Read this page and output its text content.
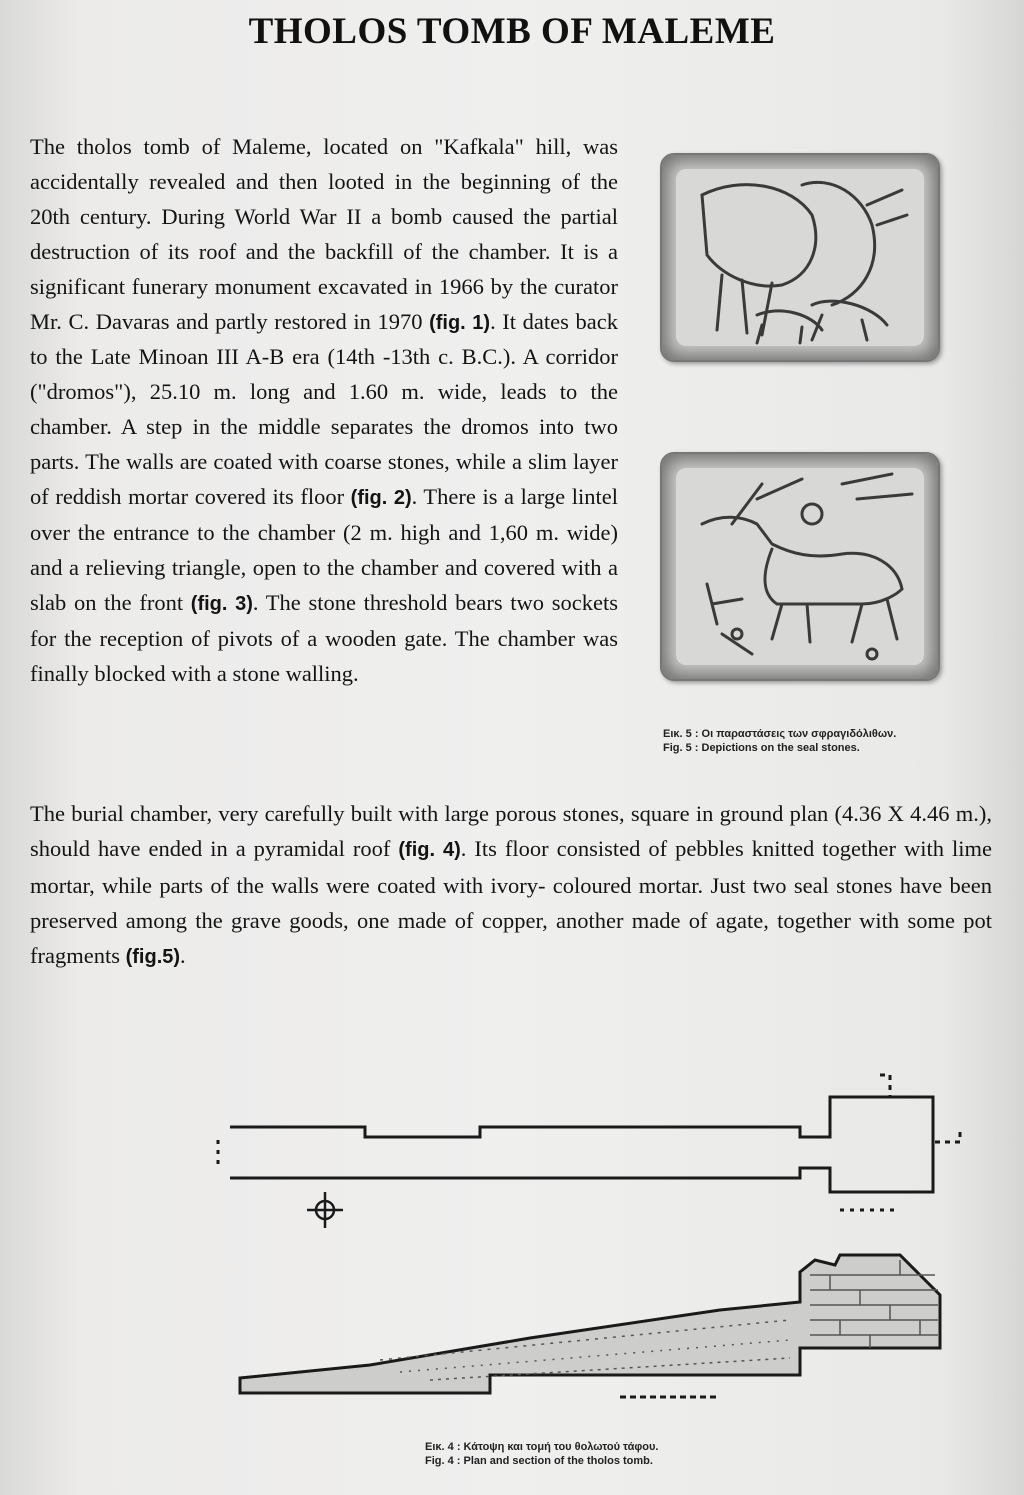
THOLOS TOMB OF MALEME

The tholos tomb of Maleme, located on "Kafkala" hill, was accidentally revealed and then looted in the beginning of the 20th century. During World War II a bomb caused the partial destruction of its roof and the backfill of the chamber. It is a significant funerary monument excavated in 1966 by the curator Mr. C. Davaras and partly restored in 1970 (fig. 1). It dates back to the Late Minoan III A-B era (14th -13th c. B.C.). A corridor ("dromos"), 25.10 m. long and 1.60 m. wide, leads to the chamber. A step in the middle separates the dromos into two parts. The walls are coated with coarse stones, while a slim layer of reddish mortar covered its floor (fig. 2). There is a large lintel over the entrance to the chamber (2 m. high and 1,60 m. wide) and a relieving triangle, open to the chamber and covered with a slab on the front (fig. 3). The stone threshold bears two sockets for the reception of pivots of a wooden gate. The chamber was finally blocked with a stone walling.

Εικ. 5 : Οι παραστάσεις των σφραγιδόλιθων.
Fig. 5 : Depictions on the seal stones.

The burial chamber, very carefully built with large porous stones, square in ground plan (4.36 X 4.46 m.), should have ended in a pyramidal roof (fig. 4). Its floor consisted of pebbles knitted together with lime mortar, while parts of the walls were coated with ivory- coloured mortar. Just two seal stones have been preserved among the grave goods, one made of copper, another made of agate, together with some pot fragments (fig.5).

Εικ. 4 : Κάτοψη και τομή του θολωτού τάφου.
Fig. 4 : Plan and section of the tholos tomb.
